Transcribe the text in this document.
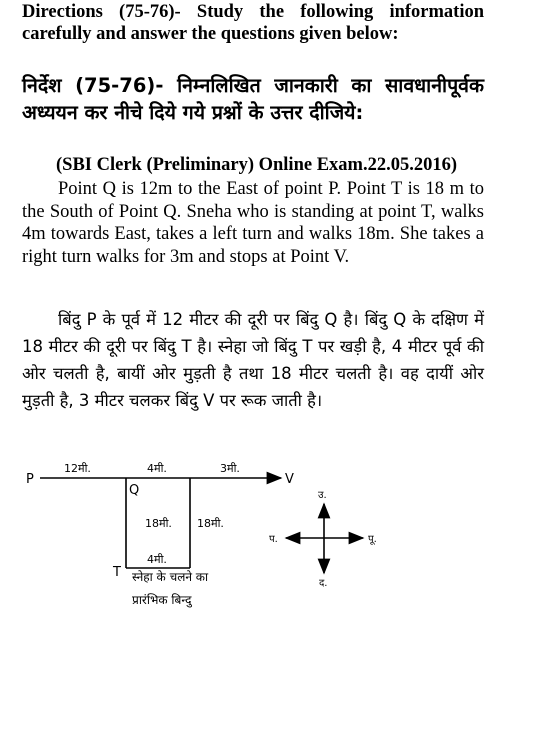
Directions (75-76)- Study the following information carefully and answer the questions given below:

निर्देश (75-76)- निम्नलिखित जानकारी का सावधानीपूर्वक अध्ययन कर नीचे दिये गये प्रश्नों के उत्तर दीजिये:

(SBI Clerk (Preliminary) Online Exam.22.05.2016)

Point Q is 12m to the East of point P. Point T is 18 m to the South of Point Q. Sneha who is standing at point T, walks 4m towards East, takes a left turn and walks 18m. She takes a right turn walks for 3m and stops at Point V.

बिंदु P के पूर्व में 12 मीटर की दूरी पर बिंदु Q है। बिंदु Q के दक्षिण में 18 मीटर की दूरी पर बिंदु T है। स्नेहा जो बिंदु T पर खड़ी है, 4 मीटर पूर्व की ओर चलती है, बायीं ओर मुड़ती है तथा 18 मीटर चलती है। वह दायीं ओर मुड़ती है, 3 मीटर चलकर बिंदु V पर रूक जाती है।

P
Q
T
V
12मी.	4मी.	3मी.
18मी. 18मी.
4मी.
स्नेहा के चलने का
प्रारंभिक बिन्दु
उ.
द.
पू.
प.
